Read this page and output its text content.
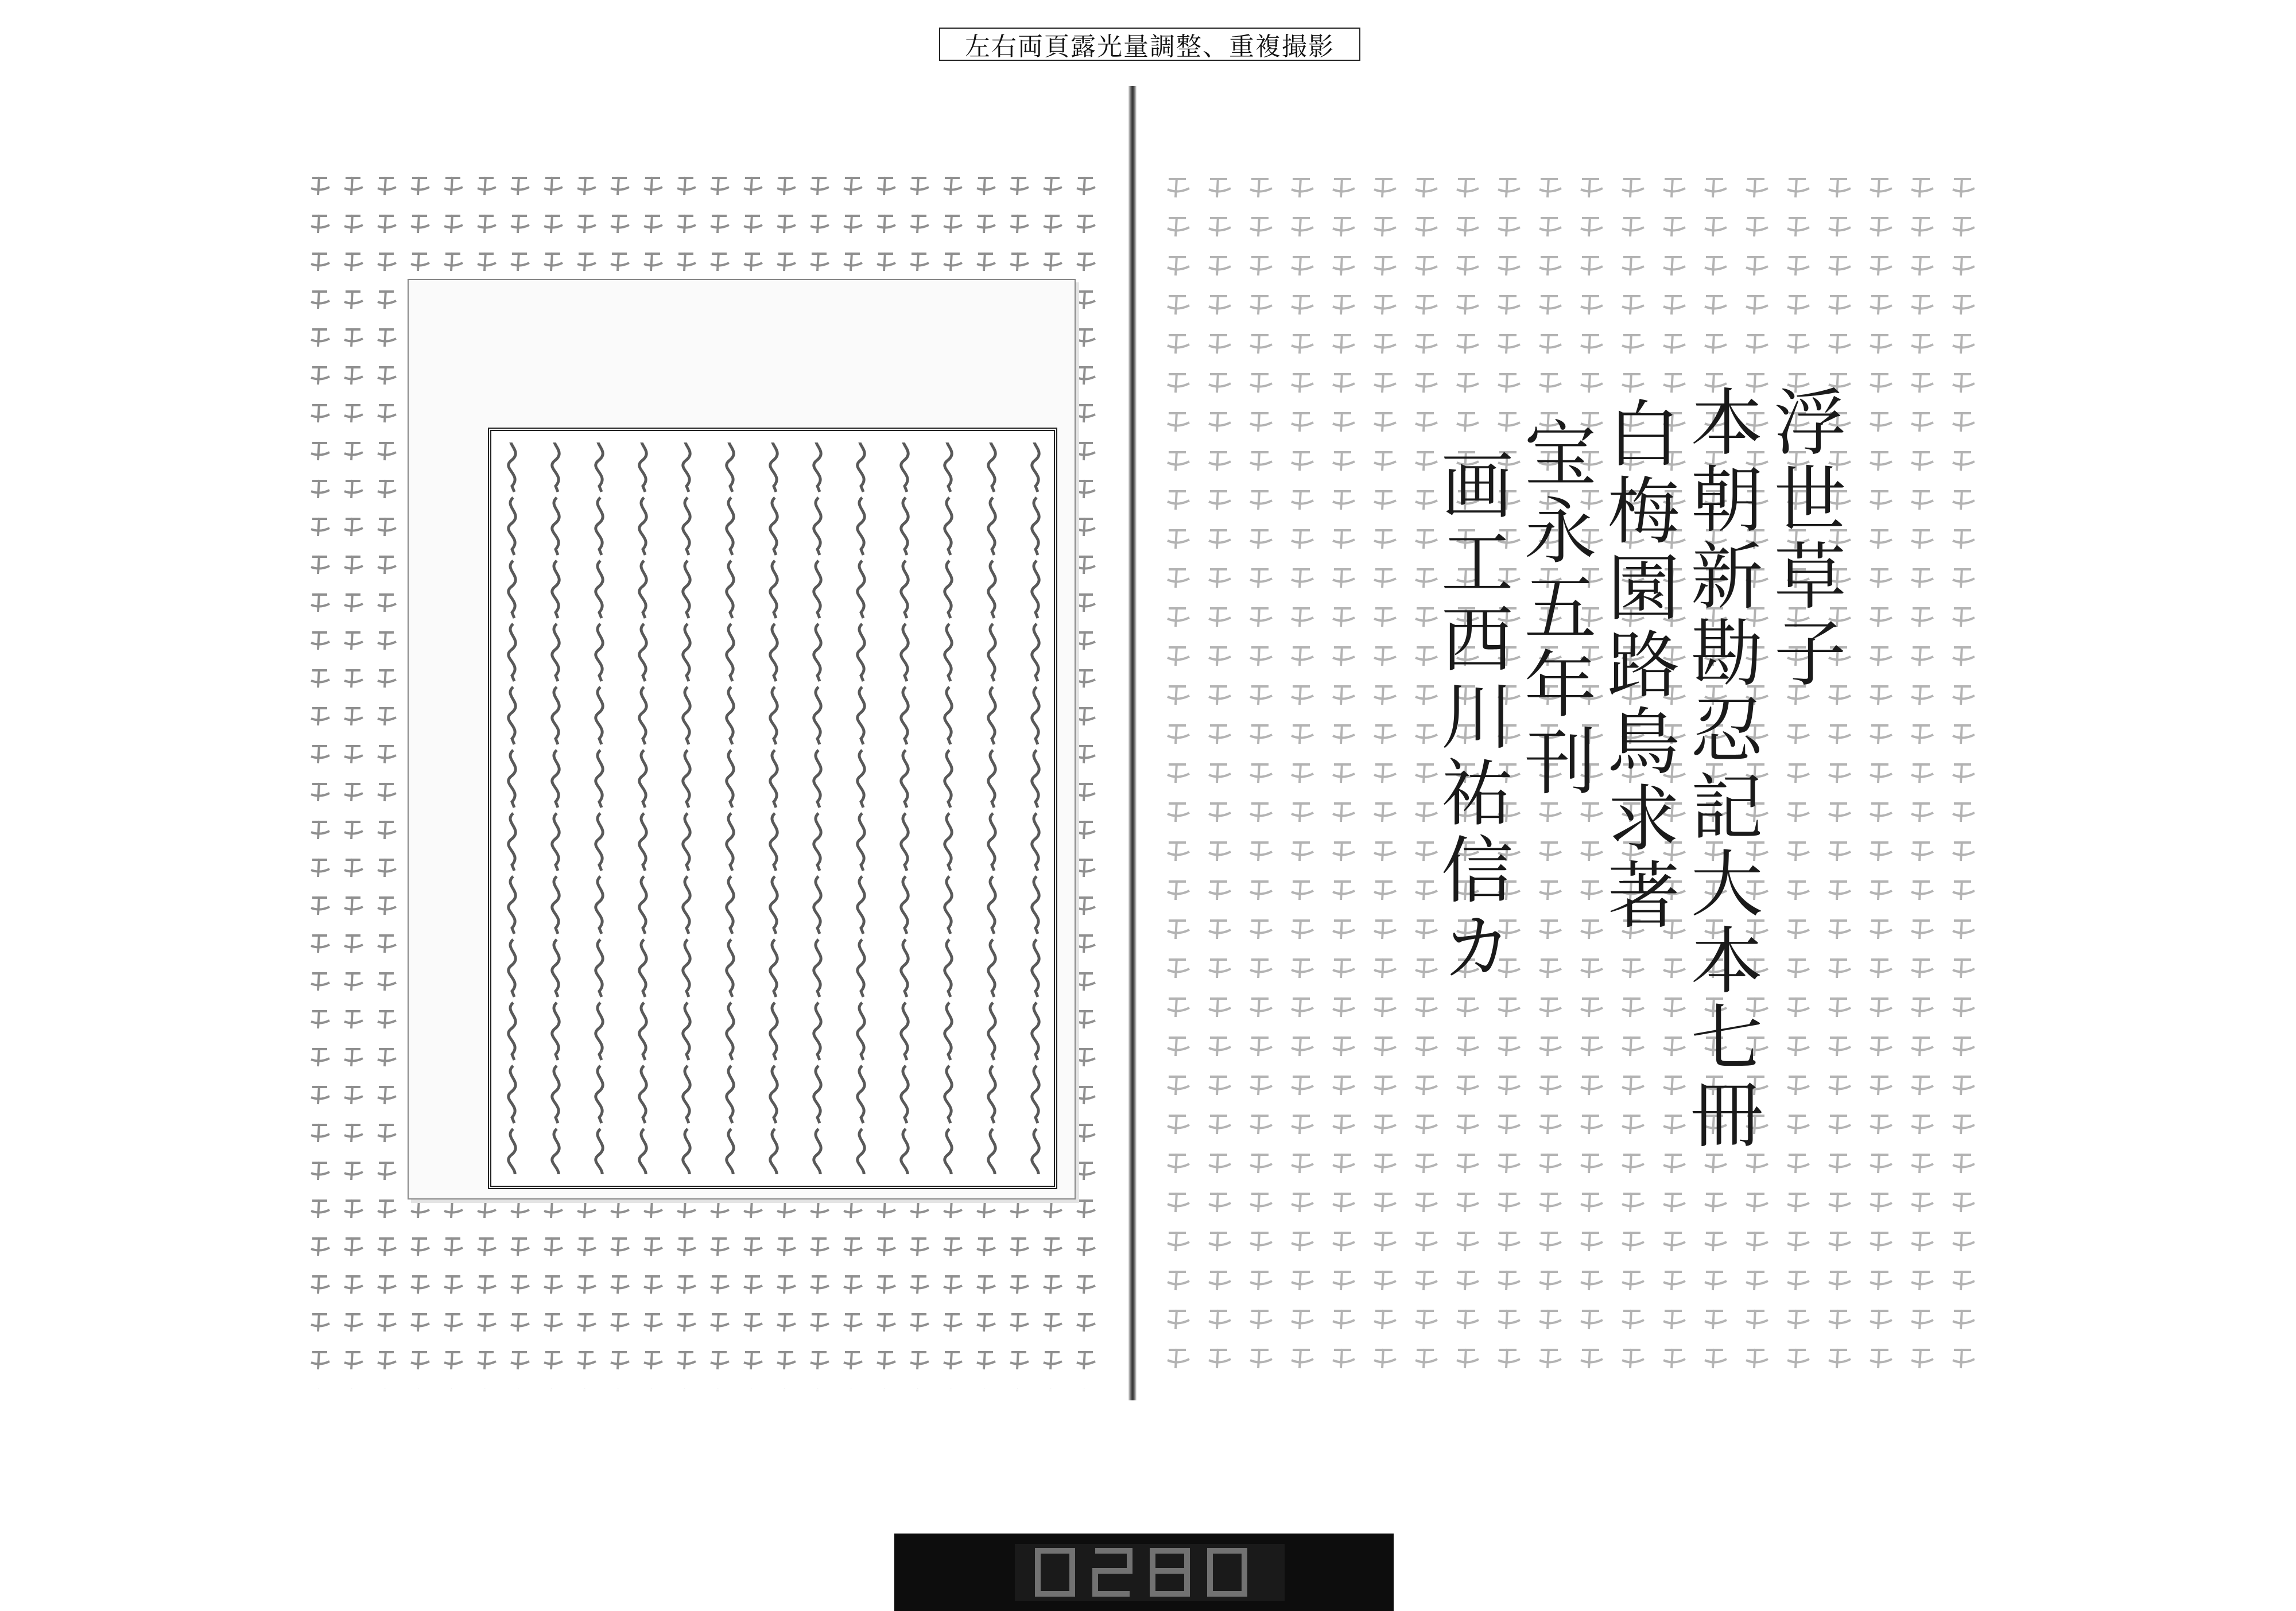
左右両頁露光量調整、重複撮影
浮世草子
本朝新勘忍記大本七冊
白梅園路鳥求著
宝永五年刊
画工西川祐信カ
